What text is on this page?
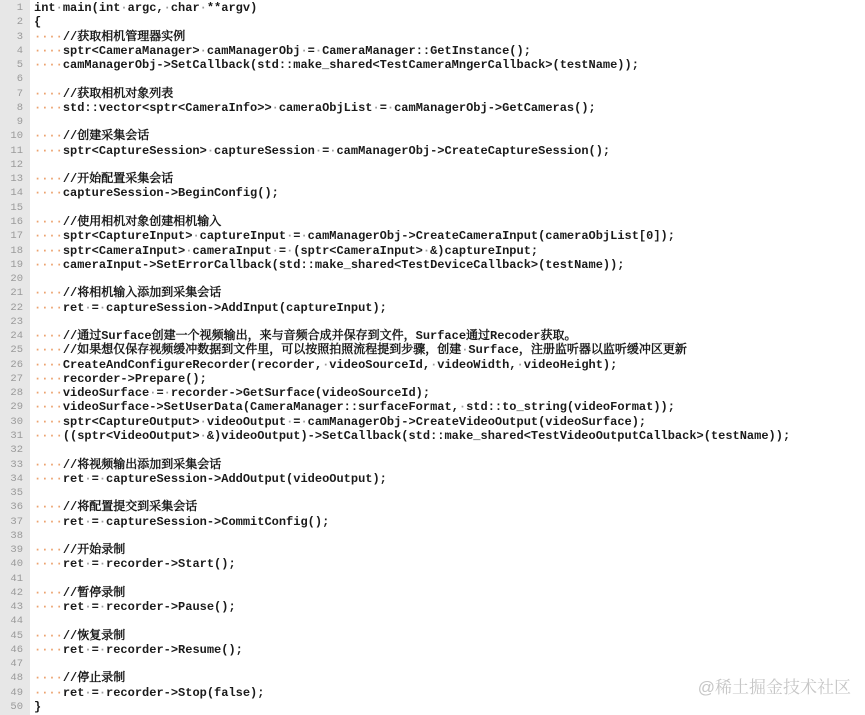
1 int·main(int·argc,·char·**argv)
2 {
3 ····//获取相机管理器实例
4 ····sptr<CameraManager>·camManagerObj·=·CameraManager::GetInstance();
5 ····camManagerObj->SetCallback(std::make_shared<TestCameraMngerCallback>(testName));
6
7 ····//获取相机对象列表
8 ····std::vector<sptr<CameraInfo>>·cameraObjList·=·camManagerObj->GetCameras();
9
10 ····//创建采集会话
11 ····sptr<CaptureSession>·captureSession·=·camManagerObj->CreateCaptureSession();
12
13 ····//开始配置采集会话
14 ····captureSession->BeginConfig();
15
16 ····//使用相机对象创建相机输入
17 ····sptr<CaptureInput>·captureInput·=·camManagerObj->CreateCameraInput(cameraObjList[0]);
18 ····sptr<CameraInput>·cameraInput·=·(sptr<CameraInput>·&)captureInput;
19 ····cameraInput->SetErrorCallback(std::make_shared<TestDeviceCallback>(testName));
20
21 ····//将相机输入添加到采集会话
22 ····ret·=·captureSession->AddInput(captureInput);
23
24 ····//通过Surface创建一个视频输出，来与音频合成并保存到文件，Surface通过Recoder获取。
25 ····//如果想仅保存视频缓冲数据到文件里，可以按照拍照流程提到步骤，创建·Surface，注册监听器以监听缓冲区更新
26 ····CreateAndConfigureRecorder(recorder,·videoSourceId,·videoWidth,·videoHeight);
27 ····recorder->Prepare();
28 ····videoSurface·=·recorder->GetSurface(videoSourceId);
29 ····videoSurface->SetUserData(CameraManager::surfaceFormat,·std::to_string(videoFormat));
30 ····sptr<CaptureOutput>·videoOutput·=·camManagerObj->CreateVideoOutput(videoSurface);
31 ····((sptr<VideoOutput>·&)videoOutput)->SetCallback(std::make_shared<TestVideoOutputCallback>(testName));
32
33 ····//将视频输出添加到采集会话
34 ····ret·=·captureSession->AddOutput(videoOutput);
35
36 ····//将配置提交到采集会话
37 ····ret·=·captureSession->CommitConfig();
38
39 ····//开始录制
40 ····ret·=·recorder->Start();
41
42 ····//暂停录制
43 ····ret·=·recorder->Pause();
44
45 ····//恢复录制
46 ····ret·=·recorder->Resume();
47
48 ····//停止录制
49 ····ret·=·recorder->Stop(false);
50 }
@稀土掘金技术社区
